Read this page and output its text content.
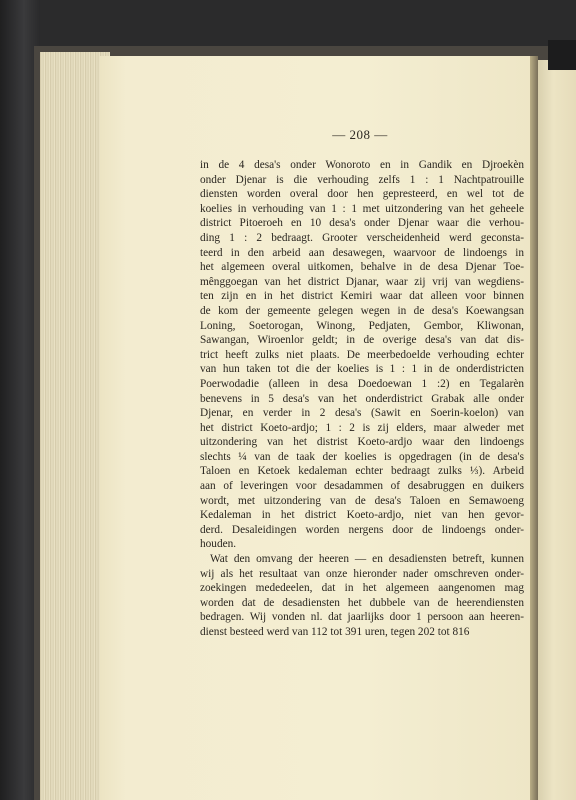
— 208 —
in de 4 desa's onder Wonoroto en in Gandik en Djroekèn
onder Djenar is die verhouding zelfs 1 : 1 Nachtpatrouille
diensten worden overal door hen gepresteerd, en wel tot de
koelies in verhouding van 1 : 1 met uitzondering van het geheele
district Pitoeroeh en 10 desa's onder Djenar waar die verhou-
ding 1 : 2 bedraagt. Grooter verscheidenheid werd geconsta-
teerd in den arbeid aan desawegen, waarvoor de lindoengs in
het algemeen overal uitkomen, behalve in de desa Djenar Toe-
mênggoegan van het district Djanar, waar zij vrij van wegdiens-
ten zijn en in het district Kemiri waar dat alleen voor binnen
de kom der gemeente gelegen wegen in de desa's Koewangsan
Loning, Soetorogan, Winong, Pedjaten, Gembor, Kliwonan,
Sawangan, Wiroenlor geldt; in de overige desa's van dat dis-
trict heeft zulks niet plaats. De meerbedoelde verhouding echter
van hun taken tot die der koelies is 1 : 1 in de onderdistricten
Poerwodadie (alleen in desa Doedoewan 1 :2) en Tegalarèn
benevens in 5 desa's van het onderdistrict Grabak alle onder
Djenar, en verder in 2 desa's (Sawit en Soerin-koelon) van
het district Koeto-ardjo; 1 : 2 is zij elders, maar alweder met
uitzondering van het distrist Koeto-ardjo waar den lindoengs
slechts ¼ van de taak der koelies is opgedragen (in de desa's
Taloen en Ketoek kedaleman echter bedraagt zulks ⅓). Arbeid
aan of leveringen voor desadammen of desabruggen en duikers
wordt, met uitzondering van de desa's Taloen en Semawoeng
Kedaleman in het district Koeto-ardjo, niet van hen gevor-
derd. Desaleidingen worden nergens door de lindoengs onder-
houden.
Wat den omvang der heeren — en desadiensten betreft, kunnen
wij als het resultaat van onze hieronder nader omschreven onder-
zoekingen mededeelen, dat in het algemeen aangenomen mag
worden dat de desadiensten het dubbele van de heerendiensten
bedragen. Wij vonden nl. dat jaarlijks door 1 persoon aan heeren-
dienst besteed werd van 112 tot 391 uren, tegen 202 tot 816
